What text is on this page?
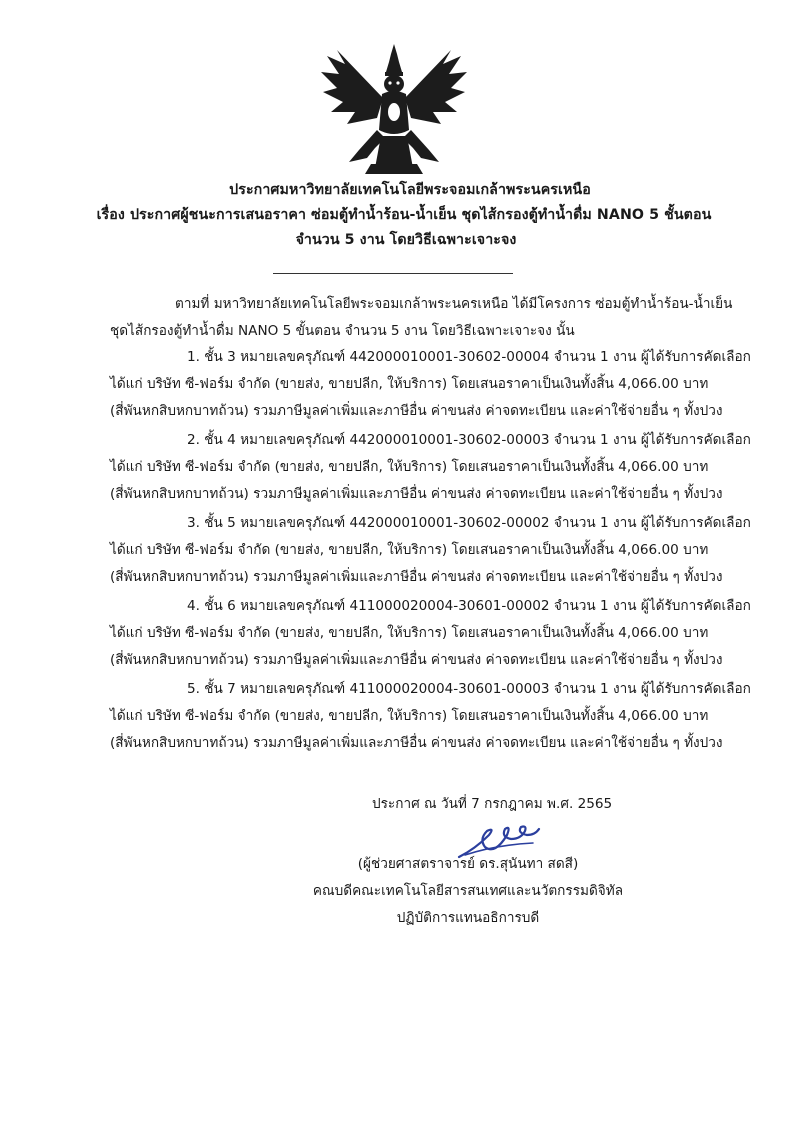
ประกาศมหาวิทยาลัยเทคโนโลยีพระจอมเกล้าพระนครเหนือ
เรื่อง ประกาศผู้ชนะการเสนอราคา ซ่อมตู้ทำน้ำร้อน-น้ำเย็น ชุดไส้กรองตู้ทำน้ำดื่ม NANO 5 ชั้นตอน
จำนวน 5 งาน โดยวิธีเฉพาะเจาะจง
ตามที่ มหาวิทยาลัยเทคโนโลยีพระจอมเกล้าพระนครเหนือ ได้มีโครงการ ซ่อมตู้ทำน้ำร้อน-น้ำเย็น
ชุดไส้กรองตู้ทำน้ำดื่ม NANO 5 ขั้นตอน จำนวน 5 งาน โดยวิธีเฉพาะเจาะจง นั้น
1. ชั้น 3 หมายเลขครุภัณฑ์ 442000010001-30602-00004 จำนวน 1 งาน ผู้ได้รับการคัดเลือก
ได้แก่ บริษัท ซี-ฟอร์ม จำกัด (ขายส่ง, ขายปลีก, ให้บริการ) โดยเสนอราคาเป็นเงินทั้งสิ้น 4,066.00 บาท
(สี่พันหกสิบหกบาทถ้วน) รวมภาษีมูลค่าเพิ่มและภาษีอื่น ค่าขนส่ง ค่าจดทะเบียน และค่าใช้จ่ายอื่น ๆ ทั้งปวง
2. ชั้น 4 หมายเลขครุภัณฑ์ 442000010001-30602-00003 จำนวน 1 งาน ผู้ได้รับการคัดเลือก
ได้แก่ บริษัท ซี-ฟอร์ม จำกัด (ขายส่ง, ขายปลีก, ให้บริการ) โดยเสนอราคาเป็นเงินทั้งสิ้น 4,066.00 บาท
(สี่พันหกสิบหกบาทถ้วน) รวมภาษีมูลค่าเพิ่มและภาษีอื่น ค่าขนส่ง ค่าจดทะเบียน และค่าใช้จ่ายอื่น ๆ ทั้งปวง
3. ชั้น 5 หมายเลขครุภัณฑ์ 442000010001-30602-00002 จำนวน 1 งาน ผู้ได้รับการคัดเลือก
ได้แก่ บริษัท ซี-ฟอร์ม จำกัด (ขายส่ง, ขายปลีก, ให้บริการ) โดยเสนอราคาเป็นเงินทั้งสิ้น 4,066.00 บาท
(สี่พันหกสิบหกบาทถ้วน) รวมภาษีมูลค่าเพิ่มและภาษีอื่น ค่าขนส่ง ค่าจดทะเบียน และค่าใช้จ่ายอื่น ๆ ทั้งปวง
4. ชั้น 6 หมายเลขครุภัณฑ์ 411000020004-30601-00002 จำนวน 1 งาน ผู้ได้รับการคัดเลือก
ได้แก่ บริษัท ซี-ฟอร์ม จำกัด (ขายส่ง, ขายปลีก, ให้บริการ) โดยเสนอราคาเป็นเงินทั้งสิ้น 4,066.00 บาท
(สี่พันหกสิบหกบาทถ้วน) รวมภาษีมูลค่าเพิ่มและภาษีอื่น ค่าขนส่ง ค่าจดทะเบียน และค่าใช้จ่ายอื่น ๆ ทั้งปวง
5. ชั้น 7 หมายเลขครุภัณฑ์ 411000020004-30601-00003 จำนวน 1 งาน ผู้ได้รับการคัดเลือก
ได้แก่ บริษัท ซี-ฟอร์ม จำกัด (ขายส่ง, ขายปลีก, ให้บริการ) โดยเสนอราคาเป็นเงินทั้งสิ้น 4,066.00 บาท
(สี่พันหกสิบหกบาทถ้วน) รวมภาษีมูลค่าเพิ่มและภาษีอื่น ค่าขนส่ง ค่าจดทะเบียน และค่าใช้จ่ายอื่น ๆ ทั้งปวง
ประกาศ ณ วันที่ 7 กรกฎาคม พ.ศ. 2565
(ผู้ช่วยศาสตราจารย์ ดร.สุนันทา สดสี)
คณบดีคณะเทคโนโลยีสารสนเทศและนวัตกรรมดิจิทัล
ปฏิบัติการแทนอธิการบดี
